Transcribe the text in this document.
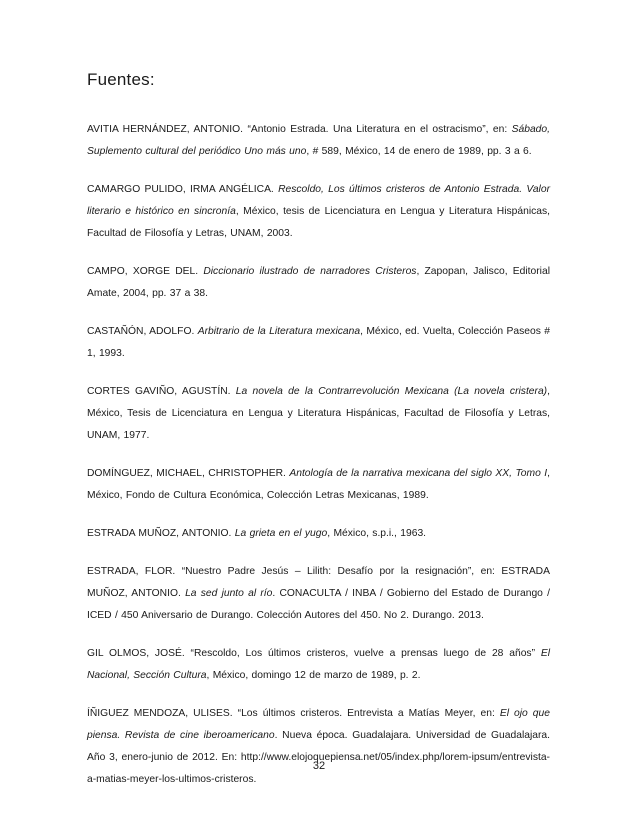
Fuentes:
AVITIA HERNÁNDEZ, ANTONIO. “Antonio Estrada. Una Literatura en el ostracismo”, en: Sábado, Suplemento cultural del periódico Uno más uno, # 589, México, 14 de enero de 1989, pp. 3 a 6.
CAMARGO PULIDO, IRMA ANGÉLICA. Rescoldo, Los últimos cristeros de Antonio Estrada. Valor literario e histórico en sincronía, México, tesis de Licenciatura en Lengua y Literatura Hispánicas, Facultad de Filosofía y Letras, UNAM, 2003.
CAMPO, XORGE DEL. Diccionario ilustrado de narradores Cristeros, Zapopan, Jalisco, Editorial Amate, 2004, pp. 37 a 38.
CASTAÑÓN, ADOLFO. Arbitrario de la Literatura mexicana, México, ed. Vuelta, Colección Paseos # 1, 1993.
CORTES GAVIÑO, AGUSTÍN. La novela de la Contrarrevolución Mexicana (La novela cristera), México, Tesis de Licenciatura en Lengua y Literatura Hispánicas, Facultad de Filosofía y Letras, UNAM, 1977.
DOMÍNGUEZ, MICHAEL, CHRISTOPHER. Antología de la narrativa mexicana del siglo XX, Tomo I, México, Fondo de Cultura Económica, Colección Letras Mexicanas, 1989.
ESTRADA MUÑOZ, ANTONIO. La grieta en el yugo, México, s.p.i., 1963.
ESTRADA, FLOR. “Nuestro Padre Jesús – Lilith: Desafío por la resignación”, en: ESTRADA MUÑOZ, ANTONIO. La sed junto al río. CONACULTA / INBA / Gobierno del Estado de Durango / ICED / 450 Aniversario de Durango. Colección Autores del 450. No 2. Durango. 2013.
GIL OLMOS, JOSÉ. “Rescoldo, Los últimos cristeros, vuelve a prensas luego de 28 años” El Nacional, Sección Cultura, México, domingo 12 de marzo de 1989, p. 2.
ÍÑIGUEZ MENDOZA, ULISES. “Los últimos cristeros. Entrevista a Matías Meyer, en: El ojo que piensa. Revista de cine iberoamericano. Nueva época. Guadalajara. Universidad de Guadalajara. Año 3, enero-junio de 2012. En: http://www.elojoquepiensa.net/05/index.php/lorem-ipsum/entrevista-a-matias-meyer-los-ultimos-cristeros.
32
